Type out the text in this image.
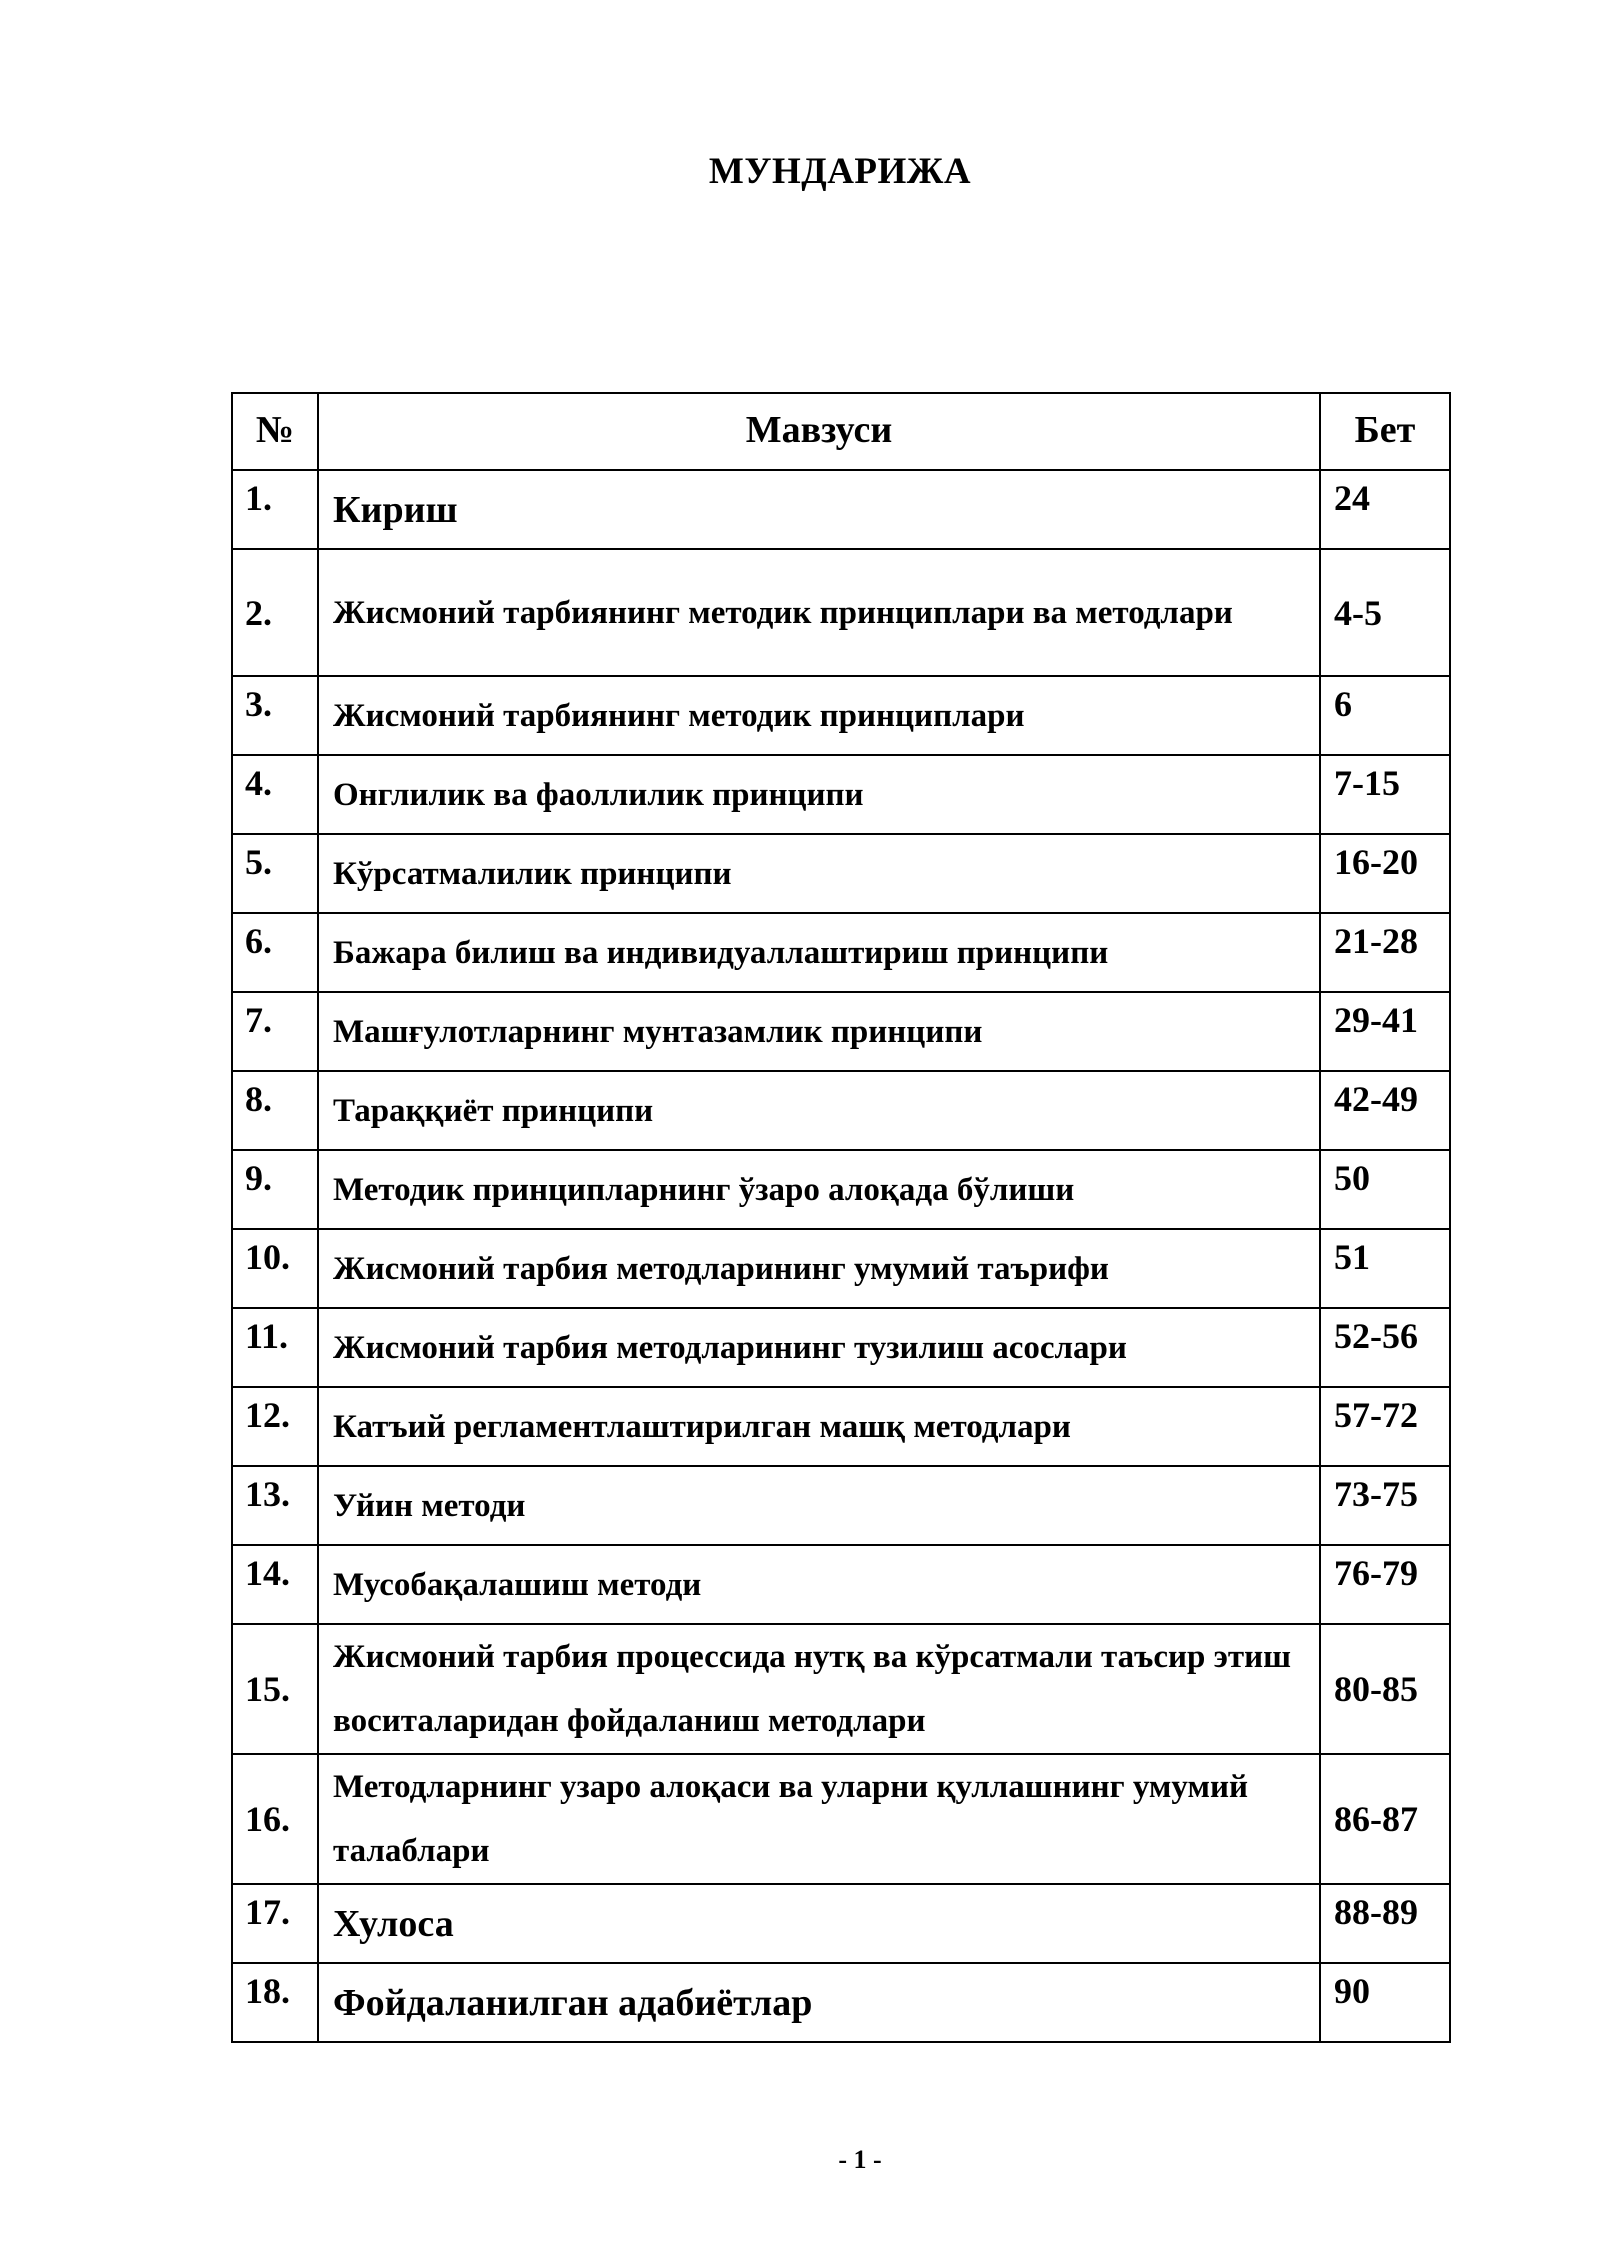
МУНДАРИЖА
№	Мавзуси	Бет
1.	Кириш	24
2.	Жисмоний тарбиянинг методик принциплари ва методлари	4-5
3.	Жисмоний тарбиянинг методик принциплари	6
4.	Онглилик ва фаоллилик принципи	7-15
5.	Кўрсатмалилик принципи	16-20
6.	Бажара билиш ва индивидуаллаштириш принципи	21-28
7.	Машғулотларнинг мунтазамлик принципи	29-41
8.	Тараққиёт принципи	42-49
9.	Методик принципларнинг ўзаро алоқада бўлиши	50
10.	Жисмоний тарбия методларининг умумий таърифи	51
11.	Жисмоний тарбия методларининг тузилиш асослари	52-56
12.	Катъий регламентлаштирилган машқ методлари	57-72
13.	Уйин методи	73-75
14.	Мусобақалашиш методи	76-79
15.	Жисмоний тарбия процессида нутқ ва кўрсатмали таъсир этиш воситаларидан фойдаланиш методлари	80-85
16.	Методларнинг узаро алоқаси ва уларни қуллашнинг умумий талаблари	86-87
17.	Хулоса	88-89
18.	Фойдаланилган адабиётлар	90
- 1 -
